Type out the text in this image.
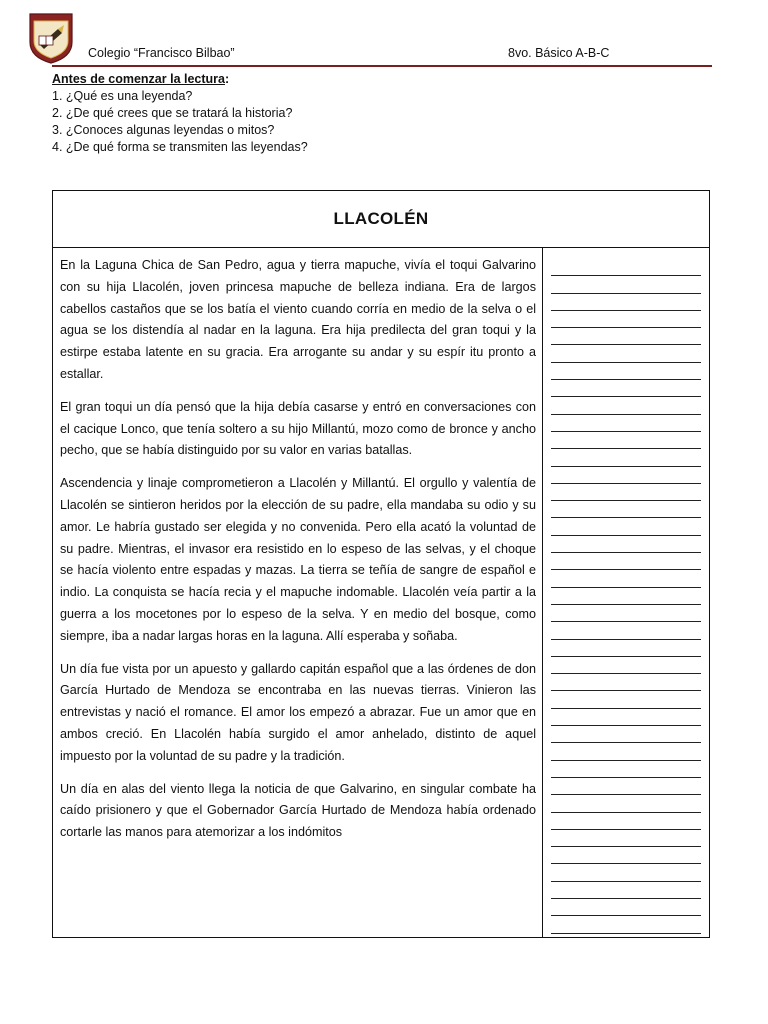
Colegio “Francisco Bilbao”	8vo. Básico A-B-C
Antes de comenzar la lectura:
1. ¿Qué es una leyenda?
2. ¿De qué crees que se tratará la historia?
3. ¿Conoces algunas leyendas o mitos?
4. ¿De qué forma se transmiten las leyendas?
LLACOLÉN

En la Laguna Chica de San Pedro, agua y tierra mapuche, vivía el toqui Galvarino con su hija Llacolén, joven princesa mapuche de belleza indiana. Era de largos cabellos castaños que se los batía el viento cuando corría en medio de la selva o el agua se los distendía al nadar en la laguna. Era hija predilecta del gran toqui y la estirpe estaba latente en su gracia. Era arrogante su andar y su espír itu pronto a estallar.

El gran toqui un día pensó que la hija debía casarse y entró en conversaciones con el cacique Lonco, que tenía soltero a su hijo Millantú, mozo como de bronce y ancho pecho, que se había distinguido por su valor en varias batallas.

Ascendencia y linaje comprometieron a Llacolén y Millantú. El orgullo y valentía de Llacolén se sintieron heridos por la elección de su padre, ella mandaba su odio y su amor. Le habría gustado ser elegida y no convenida. Pero ella acató la voluntad de su padre. Mientras, el invasor era resistido en lo espeso de las selvas, y el choque se hacía violento entre espadas y mazas. La tierra se teñía de sangre de español e indio. La conquista se hacía recia y el mapuche indomable. Llacolén veía partir a la guerra a los mocetones por lo espeso de la selva. Y en medio del bosque, como siempre, iba a nadar largas horas en la laguna. Allí esperaba y soñaba.

Un día fue vista por un apuesto y gallardo capitán español que a las órdenes de don García Hurtado de Mendoza se encontraba en las nuevas tierras. Vinieron las entrevistas y nació el romance. El amor los empezó a abrazar. Fue un amor que en ambos creció. En Llacolén había surgido el amor anhelado, distinto de aquel impuesto por la voluntad de su padre y la tradición.

Un día en alas del viento llega la noticia de que Galvarino, en singular combate ha caído prisionero y que el Gobernador García Hurtado de Mendoza había ordenado cortarle las manos para atemorizar a los indómitos
